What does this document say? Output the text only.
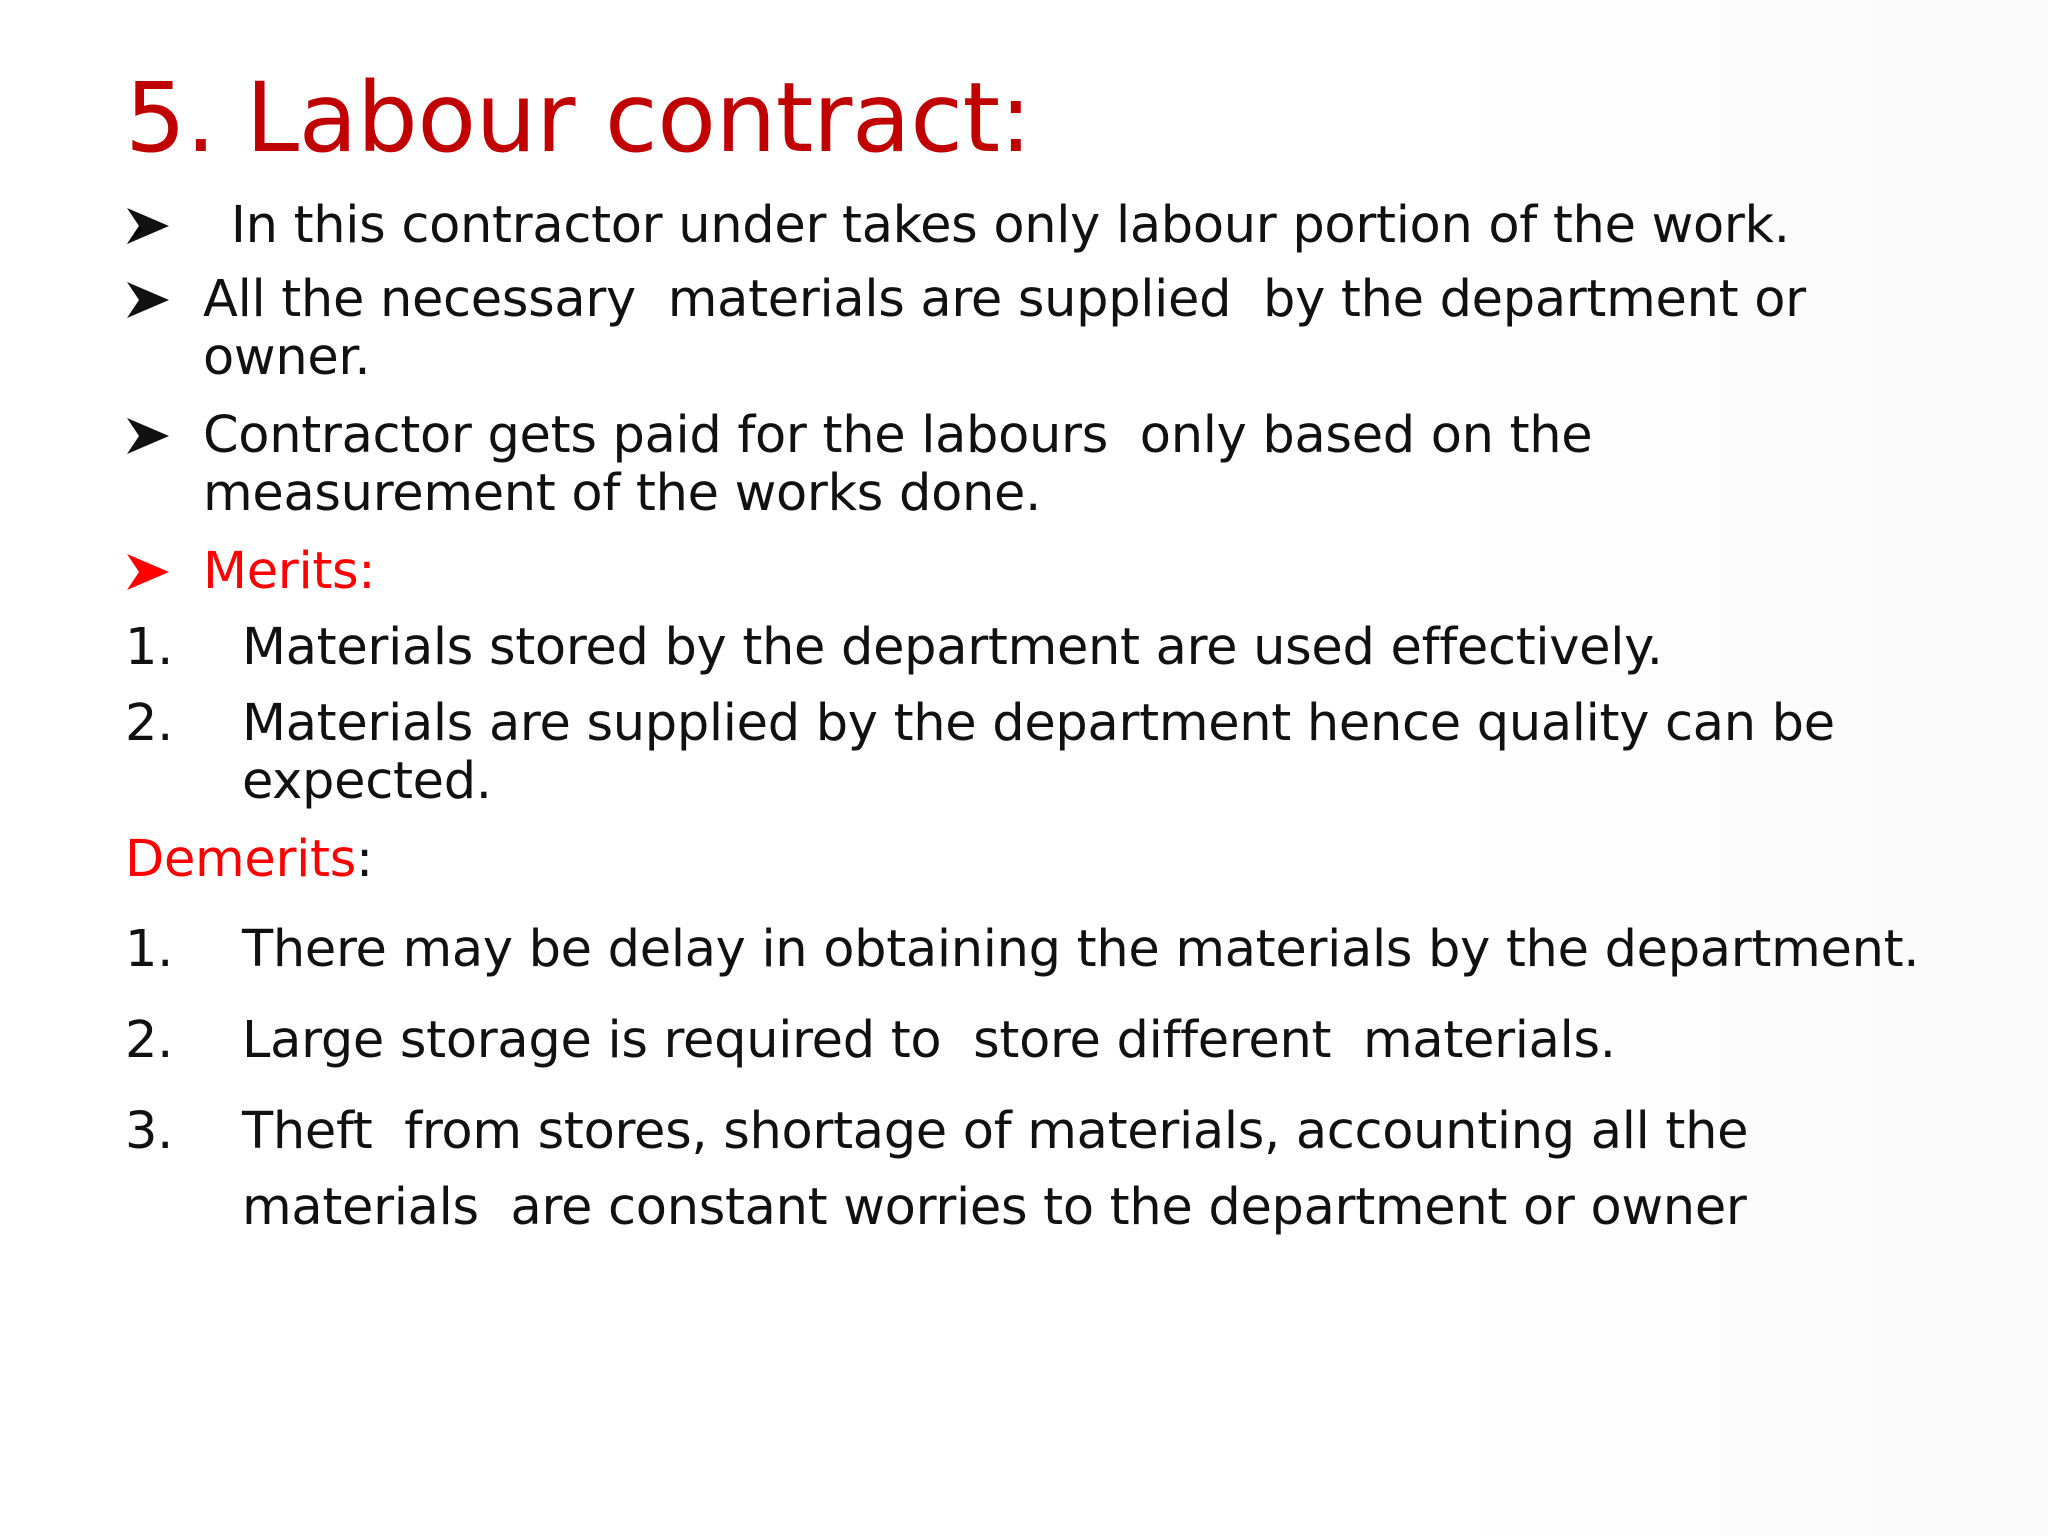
5. Labour contract:
In this contractor under takes only labour portion of the work.
All the necessary  materials are supplied  by the department or
owner.
Contractor gets paid for the labours  only based on the
measurement of the works done.
Merits:
1. Materials stored by the department are used effectively.
2. Materials are supplied by the department hence quality can be
expected.
Demerits:
1. There may be delay in obtaining the materials by the department.
2. Large storage is required to  store different  materials.
3. Theft  from stores, shortage of materials, accounting all the
materials  are constant worries to the department or owner
